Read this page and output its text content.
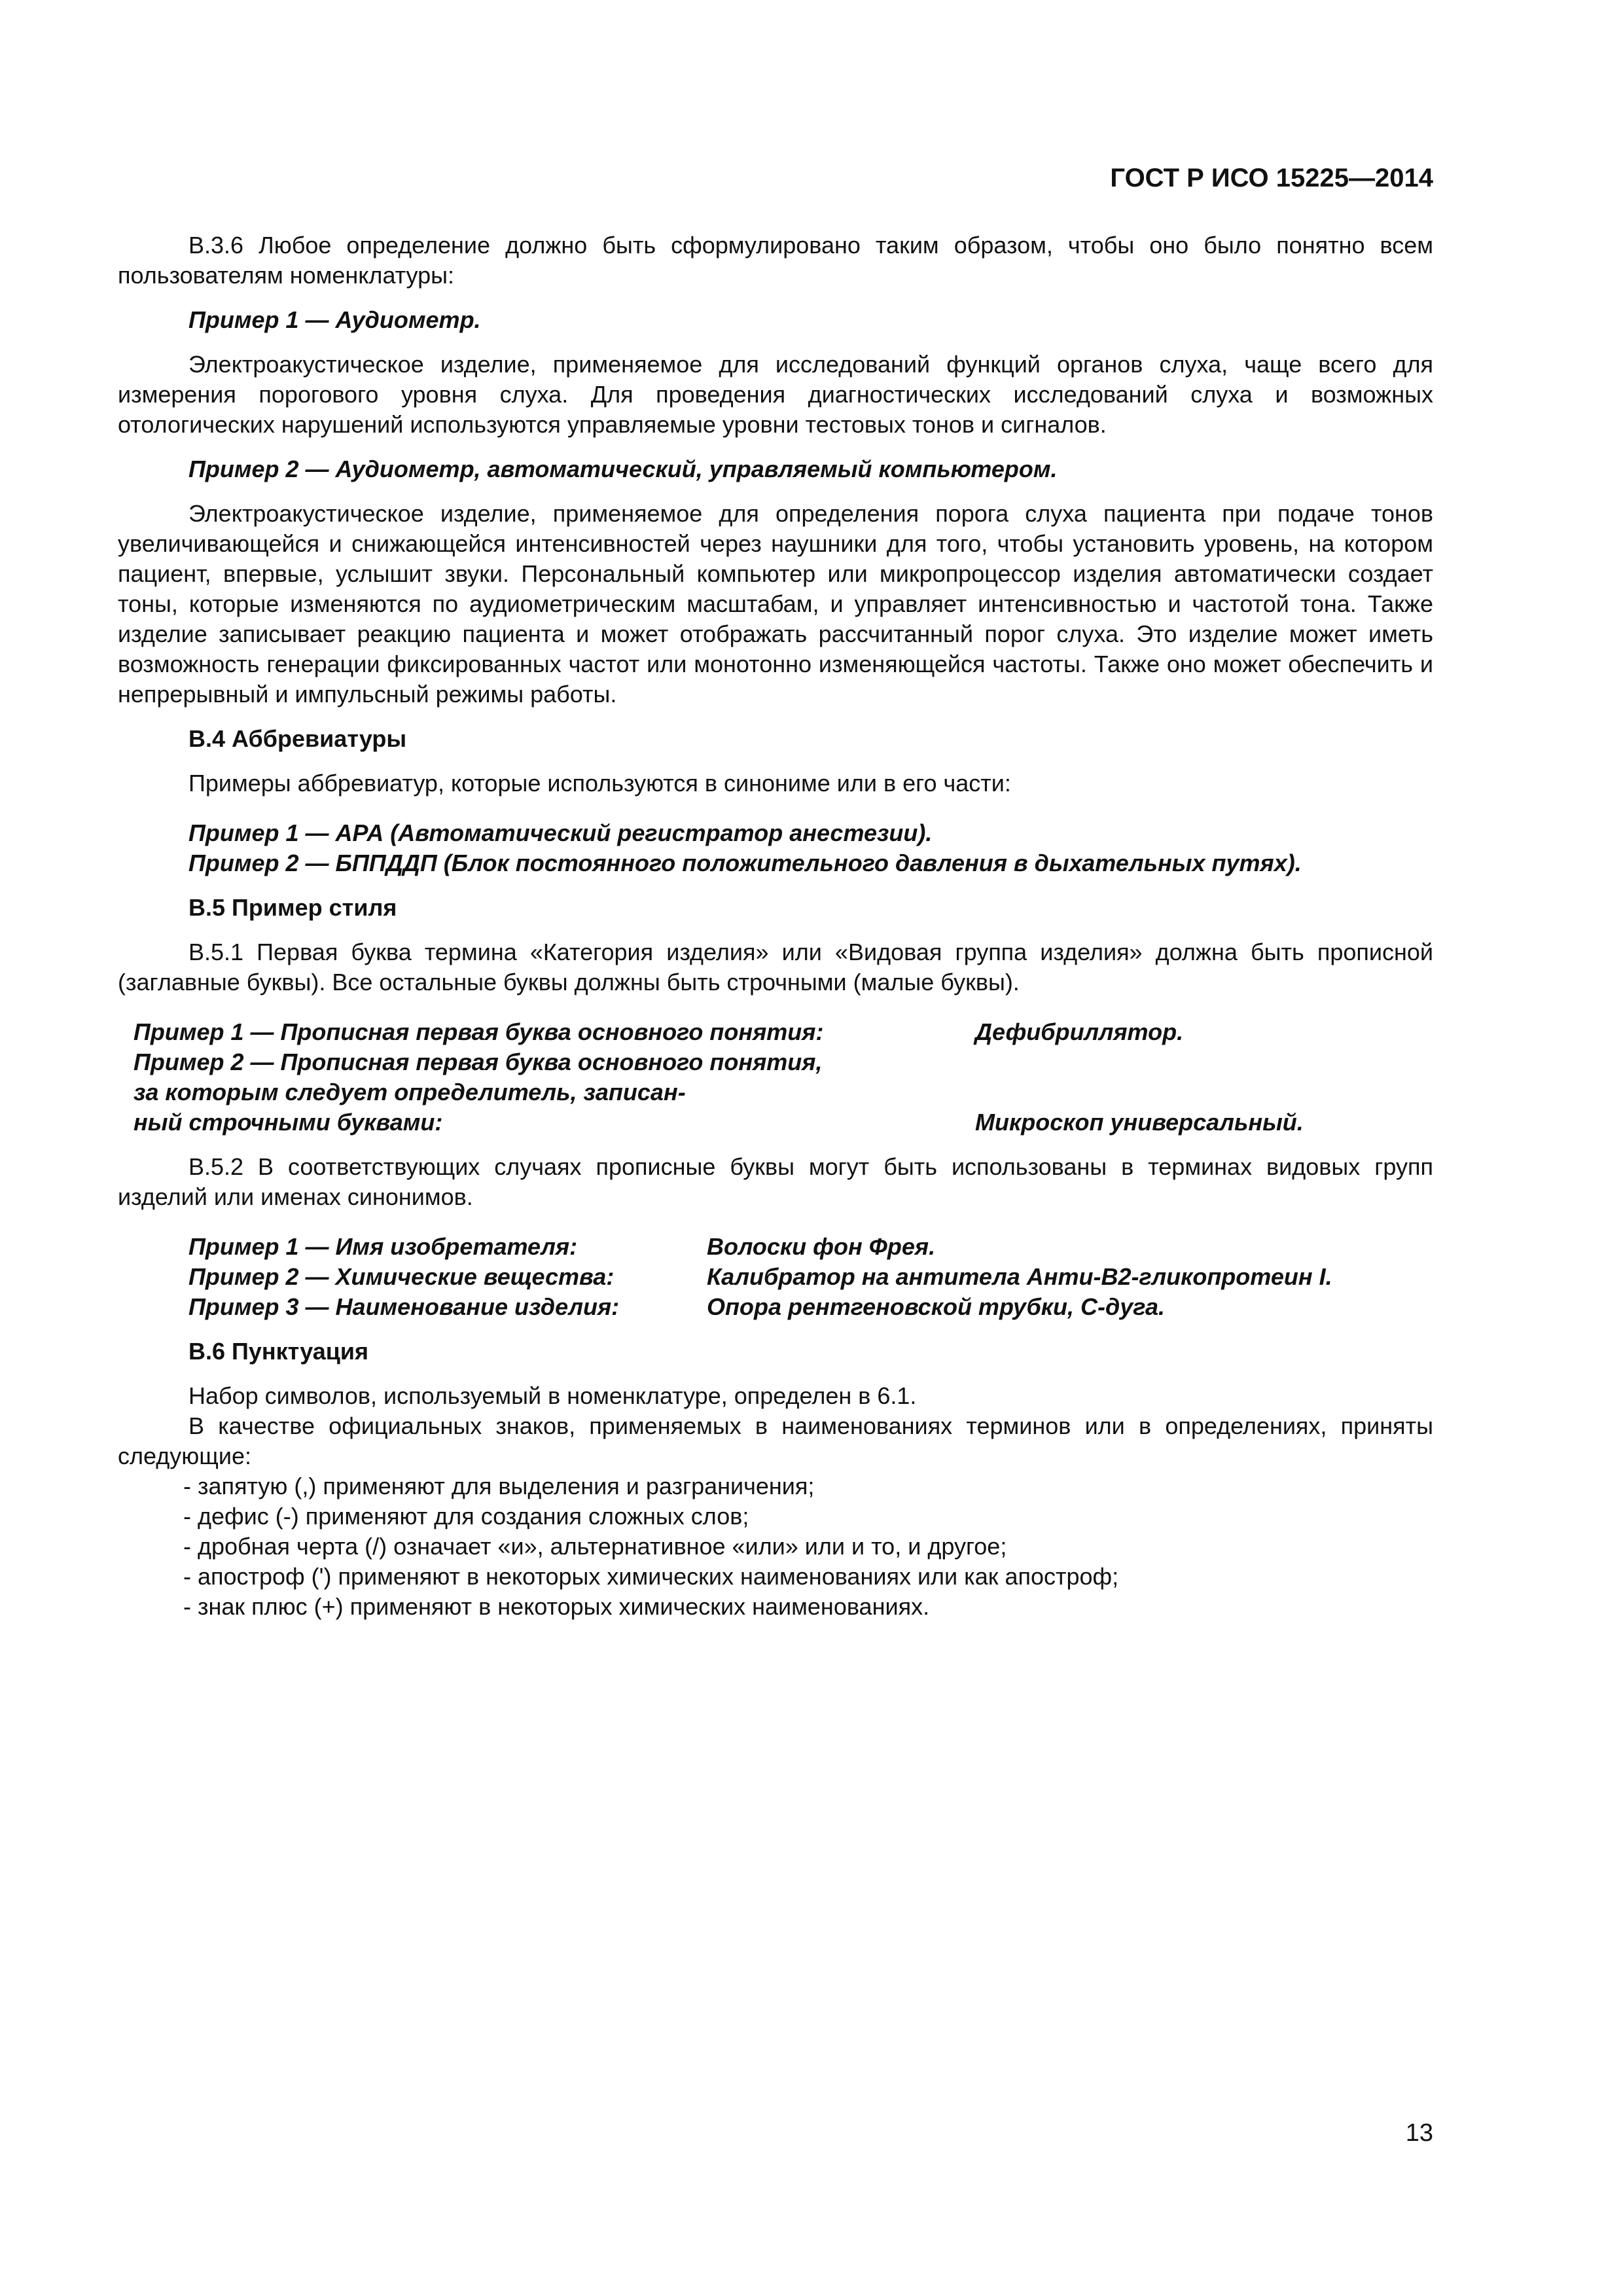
ГОСТ Р ИСО 15225—2014

В.3.6 Любое определение должно быть сформулировано таким образом, чтобы оно было понятно всем пользователям номенклатуры:

Пример 1 — Аудиометр.

Электроакустическое изделие, применяемое для исследований функций органов слуха, чаще всего для измерения порогового уровня слуха. Для проведения диагностических исследований слуха и возможных отологических нарушений используются управляемые уровни тестовых тонов и сигналов.

Пример 2 — Аудиометр, автоматический, управляемый компьютером.

Электроакустическое изделие, применяемое для определения порога слуха пациента при подаче тонов увеличивающейся и снижающейся интенсивностей через наушники для того, чтобы установить уровень, на котором пациент, впервые, услышит звуки. Персональный компьютер или микропроцессор изделия автоматически создает тоны, которые изменяются по аудиометрическим масштабам, и управляет интенсивностью и частотой тона. Также изделие записывает реакцию пациента и может отображать рассчитанный порог слуха. Это изделие может иметь возможность генерации фиксированных частот или монотонно изменяющейся частоты. Также оно может обеспечить и непрерывный и импульсный режимы работы.

В.4 Аббревиатуры

Примеры аббревиатур, которые используются в синониме или в его части:

Пример 1 — АРА (Автоматический регистратор анестезии).

Пример 2 — БППДДП (Блок постоянного положительного давления в дыхательных путях).

В.5 Пример стиля

В.5.1 Первая буква термина «Категория изделия» или «Видовая группа изделия» должна быть прописной (заглавные буквы). Все остальные буквы должны быть строчными (малые буквы).

Пример 1 — Прописная первая буква основного понятия:	Дефибриллятор.
Пример 2 — Прописная первая буква основного понятия,
за которым следует определитель, записан-
ный строчными буквами:	Микроскоп универсальный.

В.5.2 В соответствующих случаях прописные буквы могут быть использованы в терминах видовых групп изделий или именах синонимов.

Пример 1 — Имя изобретателя:	Волоски фон Фрея.
Пример 2 — Химические вещества:	Калибратор на антитела Анти-В2-гликопротеин I.
Пример 3 — Наименование изделия:	Опора рентгеновской трубки, С-дуга.

В.6 Пунктуация

Набор символов, используемый в номенклатуре, определен в 6.1.

В качестве официальных знаков, применяемых в наименованиях терминов или в определениях, приняты следующие:

- запятую (,) применяют для выделения и разграничения;

- дефис (-) применяют для создания сложных слов;

- дробная черта (/) означает «и», альтернативное «или» или и то, и другое;

- апостроф (') применяют в некоторых химических наименованиях или как апостроф;

- знак плюс (+) применяют в некоторых химических наименованиях.

13
